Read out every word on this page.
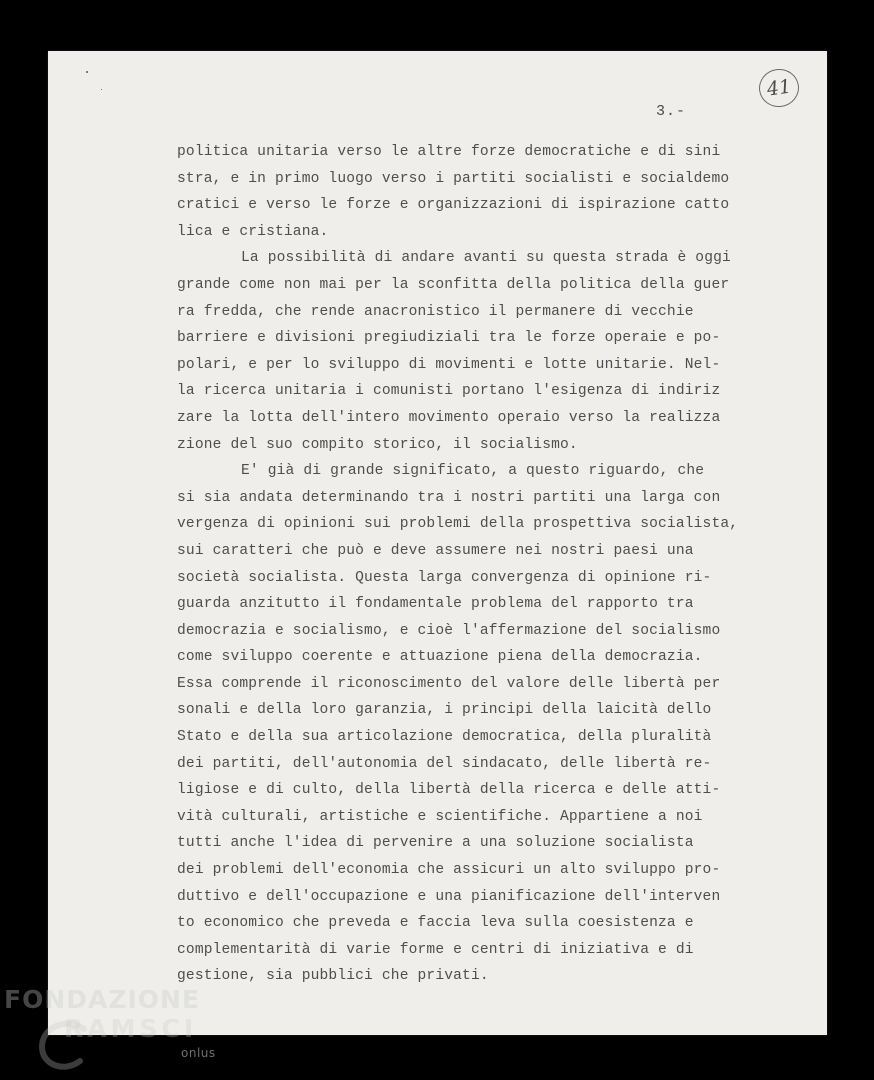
41
3.-
politica unitaria verso le altre forze democratiche e di sini
stra, e in primo luogo verso i partiti socialisti e socialdemo
cratici e verso le forze e organizzazioni di ispirazione catto
lica e cristiana.
La possibilità di andare avanti su questa strada è oggi
grande come non mai per la sconfitta della politica della guer
ra fredda, che rende anacronistico il permanere di vecchie
barriere e divisioni pregiudiziali tra le forze operaie e po-
polari, e per lo sviluppo di movimenti e lotte unitarie. Nel-
la ricerca unitaria i comunisti portano l'esigenza di indiriz
zare la lotta dell'intero movimento operaio verso la realizza
zione del suo compito storico, il socialismo.
E' già di grande significato, a questo riguardo, che
si sia andata determinando tra i nostri partiti una larga con
vergenza di opinioni sui problemi della prospettiva socialista,
sui caratteri che può e deve assumere nei nostri paesi una
società socialista. Questa larga convergenza di opinione ri-
guarda anzitutto il fondamentale problema del rapporto tra
democrazia e socialismo, e cioè l'affermazione del socialismo
come sviluppo coerente e attuazione piena della democrazia.
Essa comprende il riconoscimento del valore delle libertà per
sonali e della loro garanzia, i principi della laicità dello
Stato e della sua articolazione democratica, della pluralità
dei partiti, dell'autonomia del sindacato, delle libertà re-
ligiose e di culto, della libertà della ricerca e delle atti-
vità culturali, artistiche e scientifiche. Appartiene a noi
tutti anche l'idea di pervenire a una soluzione socialista
dei problemi dell'economia che assicuri un alto sviluppo pro-
duttivo e dell'occupazione e una pianificazione dell'interven
to economico che preveda e faccia leva sulla coesistenza e
complementarità di varie forme e centri di iniziativa e di
gestione, sia pubblici che privati.
FONDAZIONE
RAMSCI
onlus
